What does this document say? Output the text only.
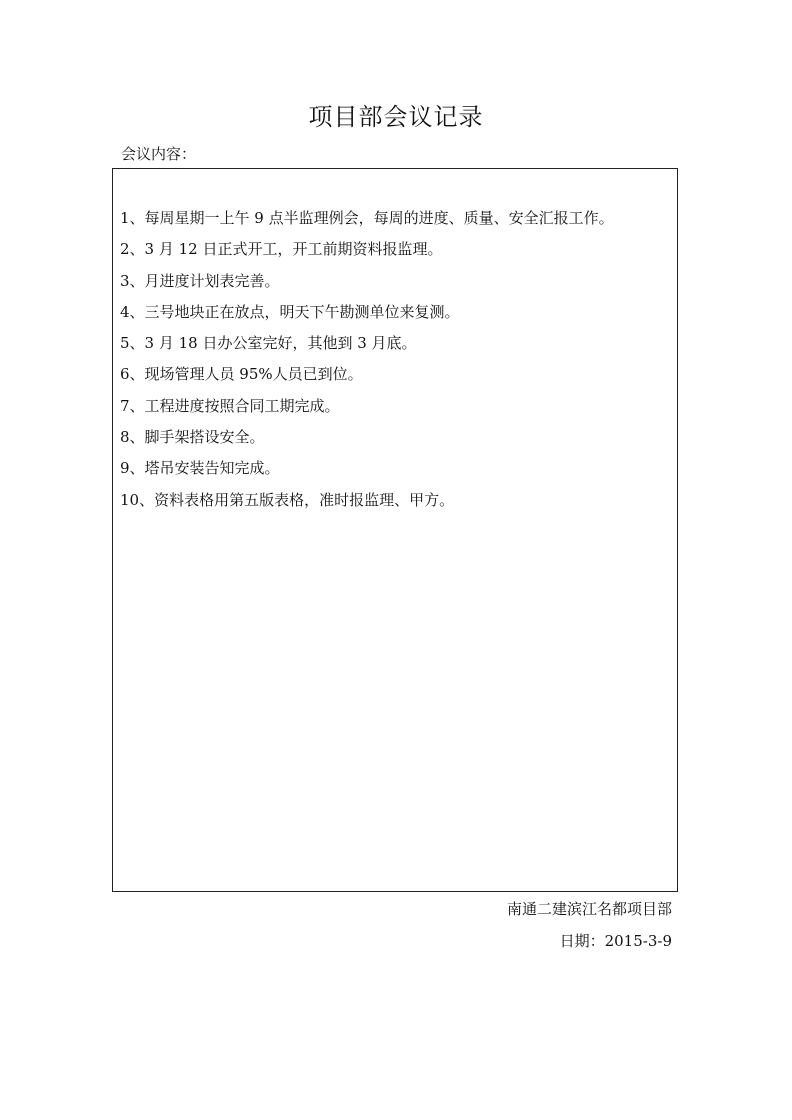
项目部会议记录
会议内容：
1、每周星期一上午 9 点半监理例会，每周的进度、质量、安全汇报工作。
2、3 月 12 日正式开工，开工前期资料报监理。
3、月进度计划表完善。
4、三号地块正在放点，明天下午勘测单位来复测。
5、3 月 18 日办公室完好，其他到 3 月底。
6、现场管理人员 95%人员已到位。
7、工程进度按照合同工期完成。
8、脚手架搭设安全。
9、塔吊安装告知完成。
10、资料表格用第五版表格，准时报监理、甲方。
南通二建滨江名都项目部
日期：2015-3-9
